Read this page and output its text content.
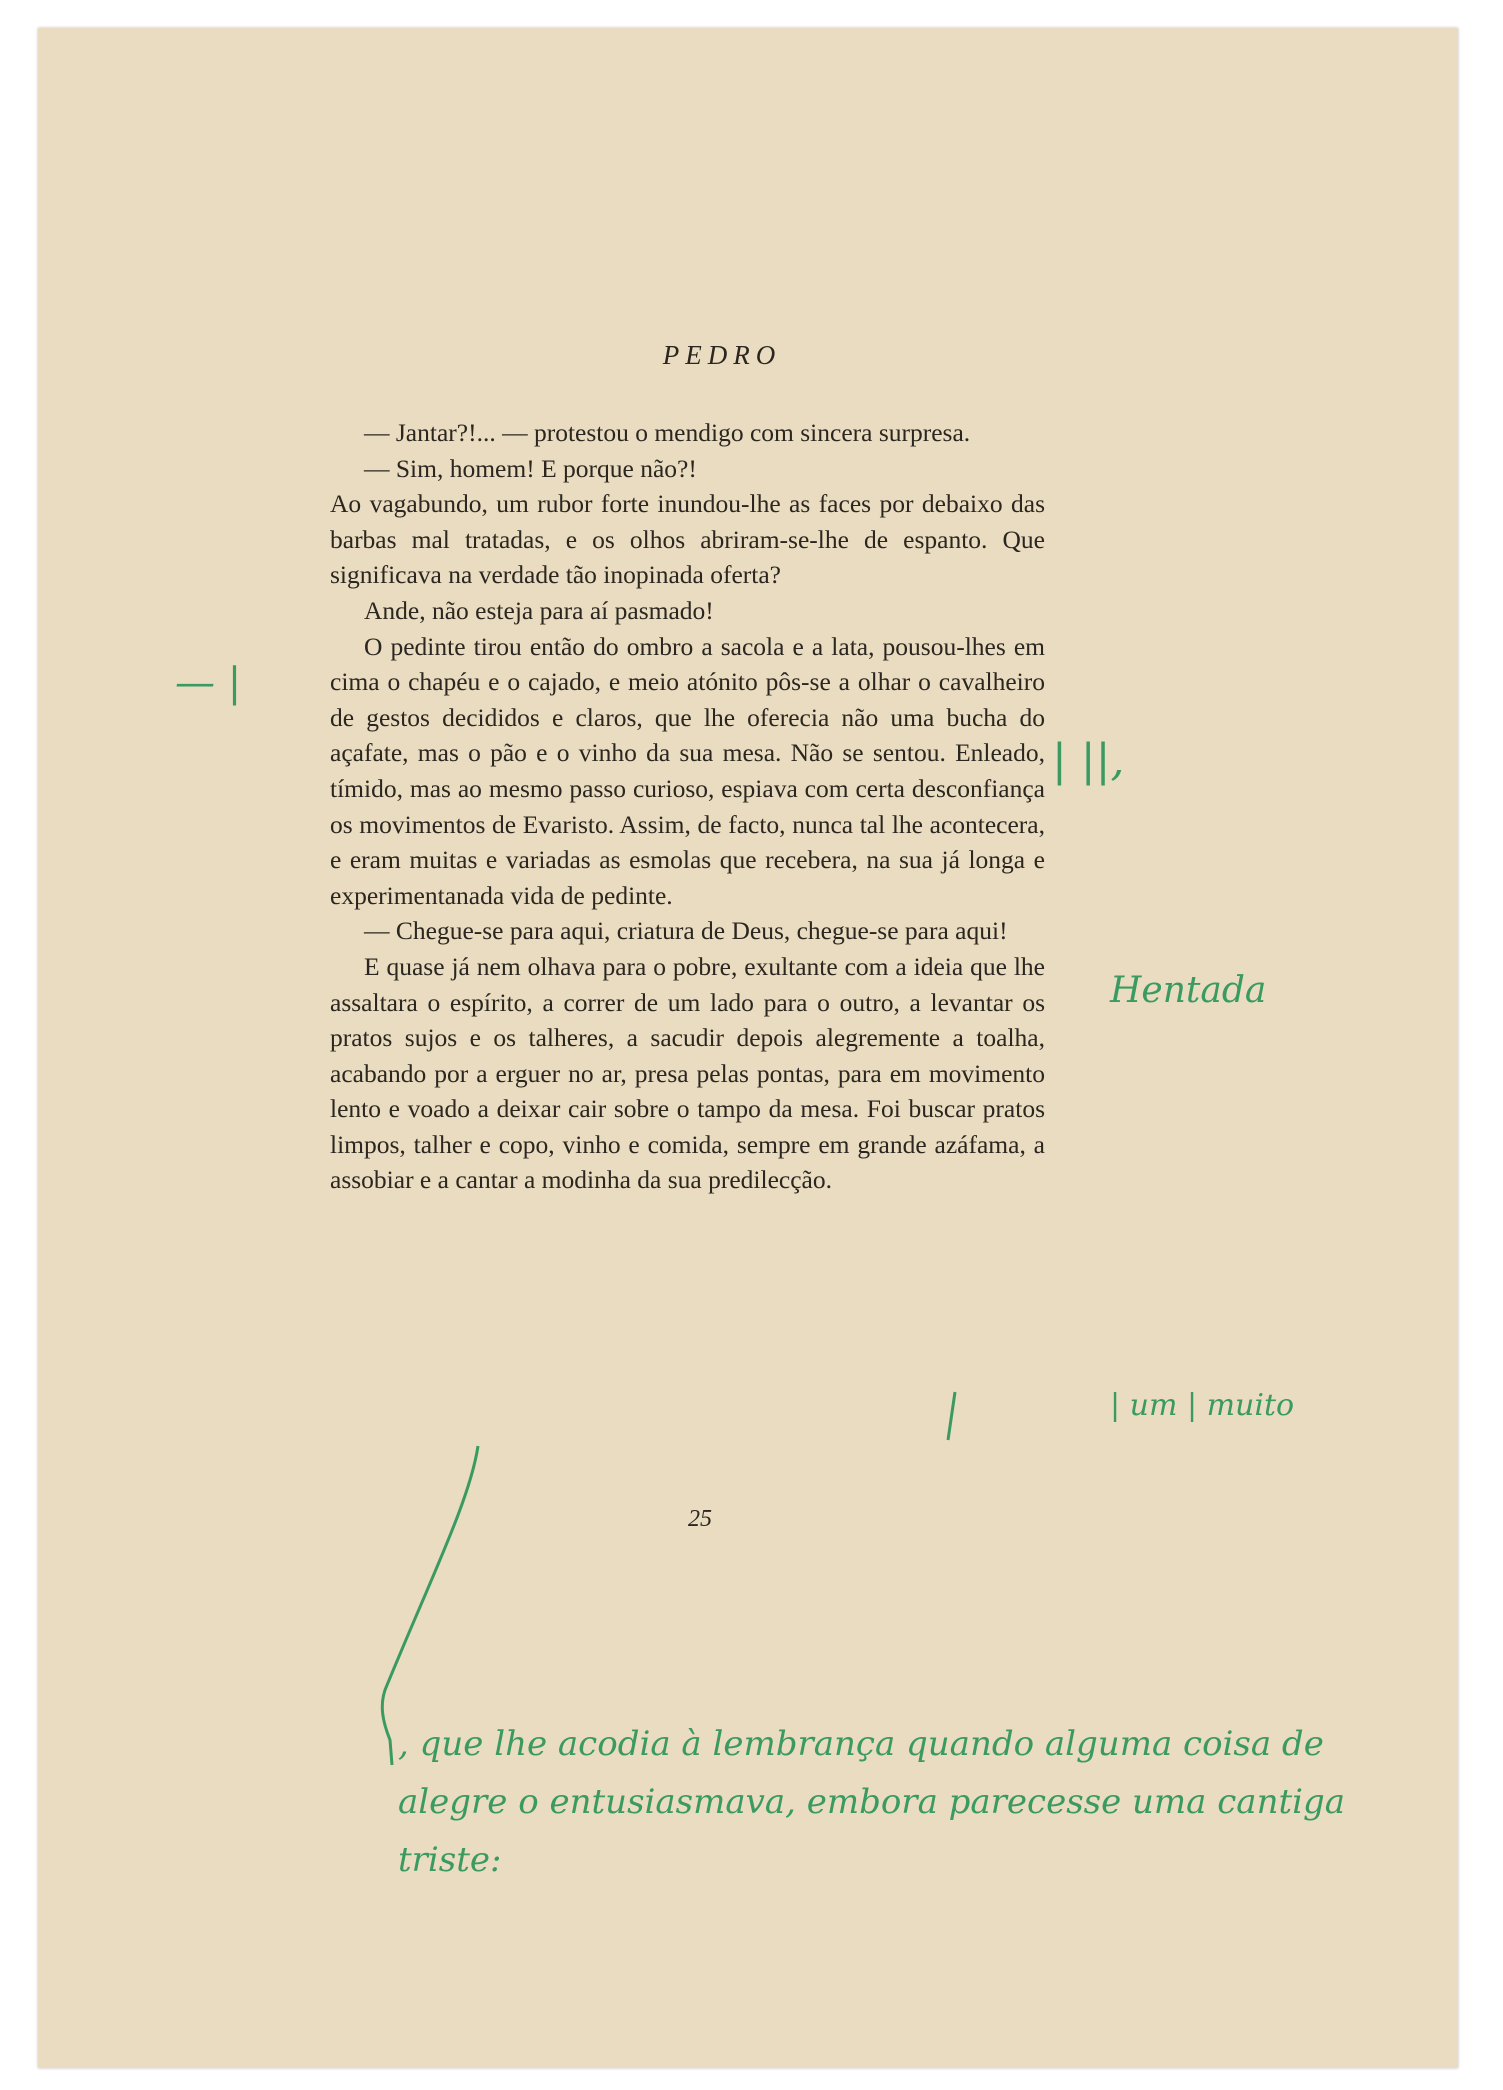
PEDRO

— Jantar?!... — protestou o mendigo com sincera surpresa.

— Sim, homem! E porque não?!

Ao vagabundo, um rubor forte inundou-lhe as faces por debaixo das barbas mal tratadas, e os olhos abriram-se-lhe de espanto. Que significava na verdade tão inopinada oferta?

Ande, não esteja para aí pasmado!

O pedinte tirou então do ombro a sacola e a lata, pousou-lhes em cima o chapéu e o cajado, e meio atónito pôs-se a olhar o cavalheiro de gestos decididos e claros, que lhe oferecia não uma bucha do açafate, mas o pão e o vinho da sua mesa. Não se sentou. Enleado, tímido, mas ao mesmo passo curioso, espiava com certa desconfiança os movimentos de Evaristo. Assim, de facto, nunca tal lhe acontecera, e eram muitas e variadas as esmolas que recebera, na sua já longa e experimentanada vida de pedinte.

— Chegue-se para aqui, criatura de Deus, chegue-se para aqui!

E quase já nem olhava para o pobre, exultante com a ideia que lhe assaltara o espírito, a correr de um lado para o outro, a levantar os pratos sujos e os talheres, a sacudir depois alegremente a toalha, acabando por a erguer no ar, presa pelas pontas, para em movimento lento e voado a deixar cair sobre o tampo da mesa. Foi buscar pratos limpos, talher e copo, vinho e comida, sempre em grande azáfama, a assobiar e a cantar a modinha da sua predilecção.

25
— |
| ||,
Hentada
| um | muito
, que lhe acodia à lembrança quando alguma coisa de alegre o entusiasmava, embora parecesse uma cantiga triste:
